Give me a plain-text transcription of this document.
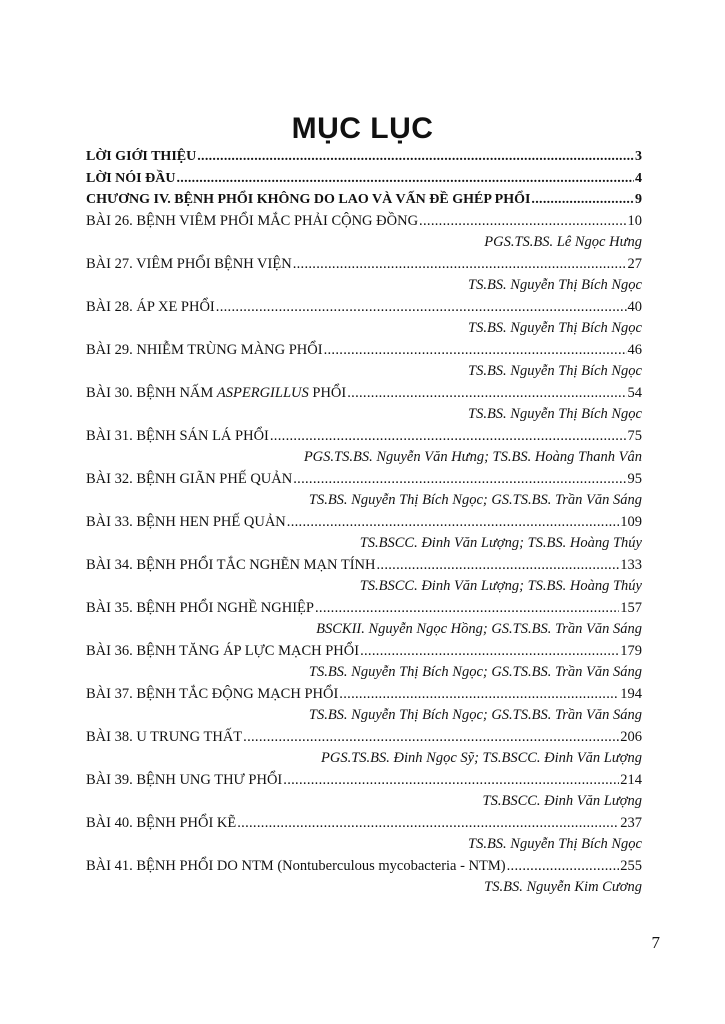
MỤC LỤC
LỜI GIỚI THIỆU .....	3
LỜI NÓI ĐẦU .....	4
CHƯƠNG IV. BỆNH PHỔI KHÔNG DO LAO VÀ VẤN ĐỀ GHÉP PHỔI .....	9
BÀI 26. BỆNH VIÊM PHỔI MẮC PHẢI CỘNG ĐỒNG .....	10
PGS.TS.BS. Lê Ngọc Hưng
BÀI 27. VIÊM PHỔI BỆNH VIỆN .....	27
TS.BS. Nguyễn Thị Bích Ngọc
BÀI 28. ÁP XE PHỔI .....	40
TS.BS. Nguyễn Thị Bích Ngọc
BÀI 29. NHIỄM TRÙNG MÀNG PHỔI .....	46
TS.BS. Nguyễn Thị Bích Ngọc
BÀI 30. BỆNH NẤM ASPERGILLUS PHỔI .....	54
TS.BS. Nguyễn Thị Bích Ngọc
BÀI 31. BỆNH SÁN LÁ PHỔI .....	75
PGS.TS.BS. Nguyễn Văn Hưng; TS.BS. Hoàng Thanh Vân
BÀI 32. BỆNH GIÃN PHẾ QUẢN .....	95
TS.BS. Nguyễn Thị Bích Ngọc; GS.TS.BS. Trần Văn Sáng
BÀI 33. BỆNH HEN PHẾ QUẢN .....	109
TS.BSCC. Đinh Văn Lượng; TS.BS. Hoàng Thúy
BÀI 34. BỆNH PHỔI TẮC NGHẼN MẠN TÍNH .....	133
TS.BSCC. Đinh Văn Lượng; TS.BS. Hoàng Thúy
BÀI 35. BỆNH PHỔI NGHỀ NGHIỆP .....	157
BSCKII. Nguyễn Ngọc Hồng; GS.TS.BS. Trần Văn Sáng
BÀI 36. BỆNH TĂNG ÁP LỰC MẠCH PHỔI .....	179
TS.BS. Nguyễn Thị Bích Ngọc; GS.TS.BS. Trần Văn Sáng
BÀI 37. BỆNH TẮC ĐỘNG MẠCH PHỔI .....	194
TS.BS. Nguyễn Thị Bích Ngọc; GS.TS.BS. Trần Văn Sáng
BÀI 38. U TRUNG THẤT .....	206
PGS.TS.BS. Đinh Ngọc Sỹ; TS.BSCC. Đinh Văn Lượng
BÀI 39. BỆNH UNG THƯ PHỔI .....	214
TS.BSCC. Đinh Văn Lượng
BÀI 40. BỆNH PHỔI KẼ .....	237
TS.BS. Nguyễn Thị Bích Ngọc
BÀI 41. BỆNH PHỔI DO NTM (Nontuberculous mycobacteria - NTM) .....	255
TS.BS. Nguyễn Kim Cương
7
